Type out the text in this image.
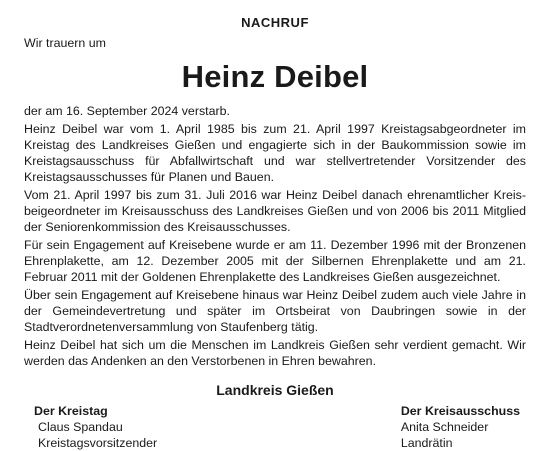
NACHRUF
Wir trauern um
Heinz Deibel
der am 16. September 2024 verstarb.
Heinz Deibel war vom 1. April 1985 bis zum 21. April 1997 Kreistagsabgeordneter im Kreistag des Landkreises Gießen und engagierte sich in der Baukommission sowie im Kreistagsausschuss für Abfallwirtschaft und war stellvertretender Vorsitzender des Kreistagsausschusses für Planen und Bauen.
Vom 21. April 1997 bis zum 31. Juli 2016 war Heinz Deibel danach ehrenamtlicher Kreisbeigeordneter im Kreisausschuss des Landkreises Gießen und von 2006 bis 2011 Mitglied der Seniorenkommission des Kreisausschusses.
Für sein Engagement auf Kreisebene wurde er am 11. Dezember 1996 mit der Bronzenen Ehrenplakette, am 12. Dezember 2005 mit der Silbernen Ehrenplakette und am 21. Februar 2011 mit der Goldenen Ehrenplakette des Landkreises Gießen ausgezeichnet.
Über sein Engagement auf Kreisebene hinaus war Heinz Deibel zudem auch viele Jahre in der Gemeindevertretung und später im Ortsbeirat von Daubringen sowie in der Stadtverordnetenversammlung von Staufenberg tätig.
Heinz Deibel hat sich um die Menschen im Landkreis Gießen sehr verdient gemacht. Wir werden das Andenken an den Verstorbenen in Ehren bewahren.
Landkreis Gießen
Der Kreistag
Claus Spandau
Kreistagsvorsitzender
Der Kreisausschuss
Anita Schneider
Landrätin
